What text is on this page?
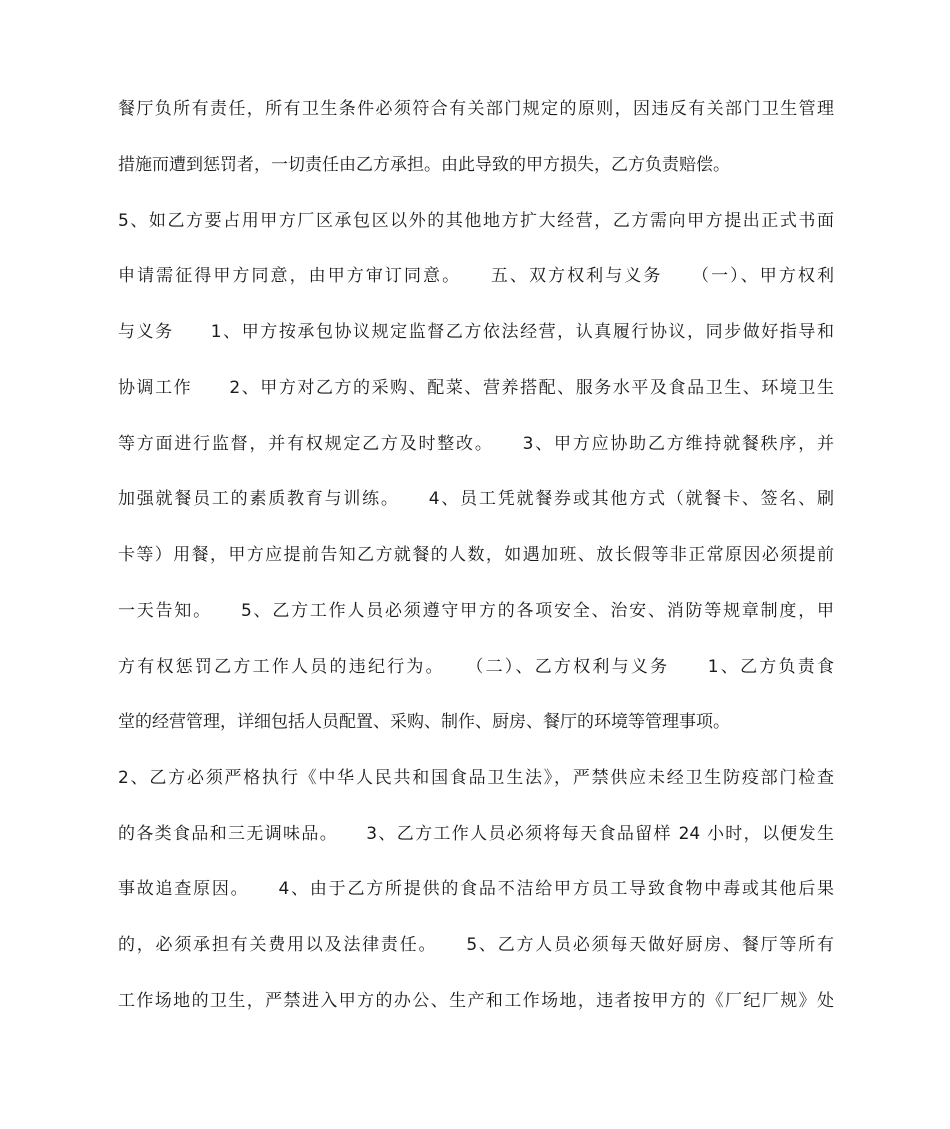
餐厅负所有责任，所有卫生条件必须符合有关部门规定的原则，因违反有关部门卫生管理
措施而遭到惩罚者，一切责任由乙方承担。由此导致的甲方损失，乙方负责赔偿。
5、如乙方要占用甲方厂区承包区以外的其他地方扩大经营，乙方需向甲方提出正式书面
申请需征得甲方同意，由甲方审订同意。　　五、双方权利与义务　　（一）、甲方权利
与义务　　1、甲方按承包协议规定监督乙方依法经营，认真履行协议，同步做好指导和
协调工作　　2、甲方对乙方的采购、配菜、营养搭配、服务水平及食品卫生、环境卫生
等方面进行监督，并有权规定乙方及时整改。　　3、甲方应协助乙方维持就餐秩序，并
加强就餐员工的素质教育与训练。　　4、员工凭就餐券或其他方式（就餐卡、签名、刷
卡等）用餐，甲方应提前告知乙方就餐的人数，如遇加班、放长假等非正常原因必须提前
一天告知。　　5、乙方工作人员必须遵守甲方的各项安全、治安、消防等规章制度，甲
方有权惩罚乙方工作人员的违纪行为。　　（二）、乙方权利与义务　　1、乙方负责食
堂的经营管理，详细包括人员配置、采购、制作、厨房、餐厅的环境等管理事项。
2、乙方必须严格执行《中华人民共和国食品卫生法》，严禁供应未经卫生防疫部门检查
的各类食品和三无调味品。　　3、乙方工作人员必须将每天食品留样 24 小时，以便发生
事故追查原因。　　4、由于乙方所提供的食品不洁给甲方员工导致食物中毒或其他后果
的，必须承担有关费用以及法律责任。　　5、乙方人员必须每天做好厨房、餐厅等所有
工作场地的卫生，严禁进入甲方的办公、生产和工作场地，违者按甲方的《厂纪厂规》处
